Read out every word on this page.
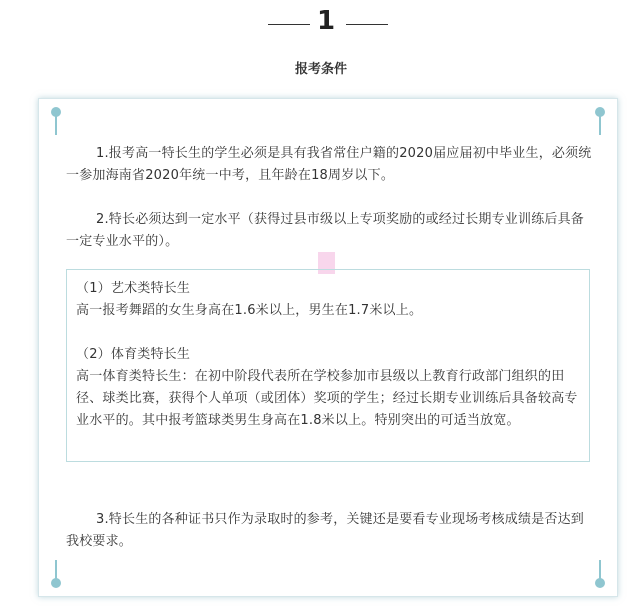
1
报考条件

1.报考高一特长生的学生必须是具有我省常住户籍的2020届应届初中毕业生，必须统一参加海南省2020年统一中考，且年龄在18周岁以下。

2.特长必须达到一定水平（获得过县市级以上专项奖励的或经过长期专业训练后具备一定专业水平的）。

（1）艺术类特长生

高一报考舞蹈的女生身高在1.6米以上，男生在1.7米以上。

（2）体育类特长生

高一体育类特长生：在初中阶段代表所在学校参加市县级以上教育行政部门组织的田径、球类比赛，获得个人单项（或团体）奖项的学生；经过长期专业训练后具备较高专业水平的。其中报考篮球类男生身高在1.8米以上。特别突出的可适当放宽。

3.特长生的各种证书只作为录取时的参考，关键还是要看专业现场考核成绩是否达到我校要求。
